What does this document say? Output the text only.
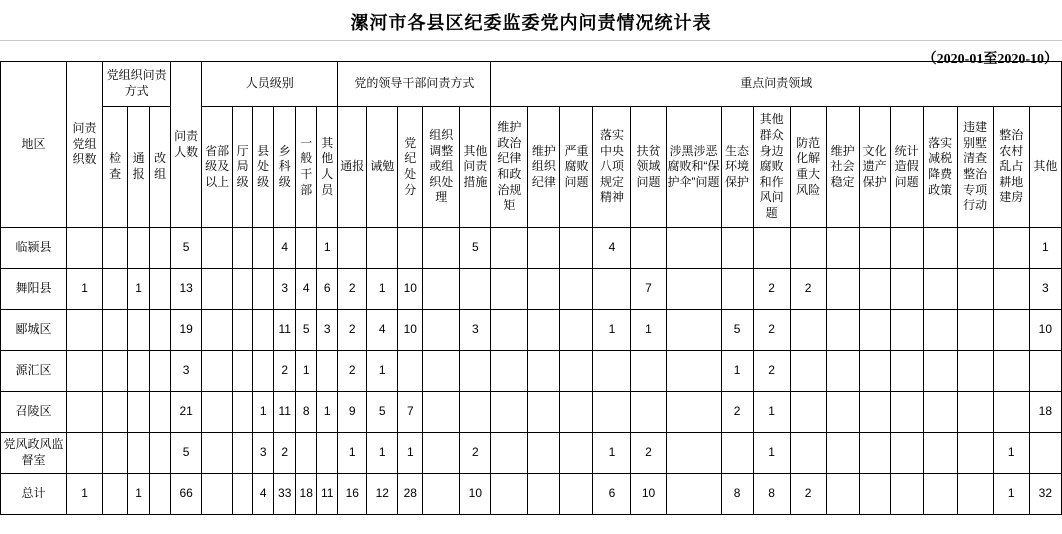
漯河市各县区纪委监委党内问责情况统计表
（2020-01至2020-10）
地区	问责党组织数	党组织问责方式			问责人数	人员级别						党的领导干部问责方式					重点问责领域															
		检查	通报	改组		省部级及以上	厅局级	县处级	乡科级	一般干部	其他人员	通报	诫勉	党纪处分	组织调整或组织处理	其他问责措施	维护政治纪律和政治规矩	维护组织纪律	严重腐败问题	落实中央八项规定精神	扶贫领域问题	涉黑涉恶腐败和“保护伞”问题	生态环境保护	其他群众身边腐败和作风问题	防范化解重大风险	维护社会稳定	文化遗产保护	统计造假问题	落实减税降费政策	违建别墅清查整治专项行动	整治农村乱占耕地建房	其他
临颍县					5				4		1					5				4												1
舞阳县	1		1		13				3	4	6	2	1	10							7			2	2							3
郾城区					19				11	5	3	2	4	10		3				1	1		5	2								10
源汇区					3				2	1		2	1										1	2								
召陵区					21			1	11	8	1	9	5	7									2	1								18
党风政风监督室					5			3	2			1	1	1		2				1	2			1							1	
总计	1		1		66			4	33	18	11	16	12	28		10				6	10		8	8	2						1	32
